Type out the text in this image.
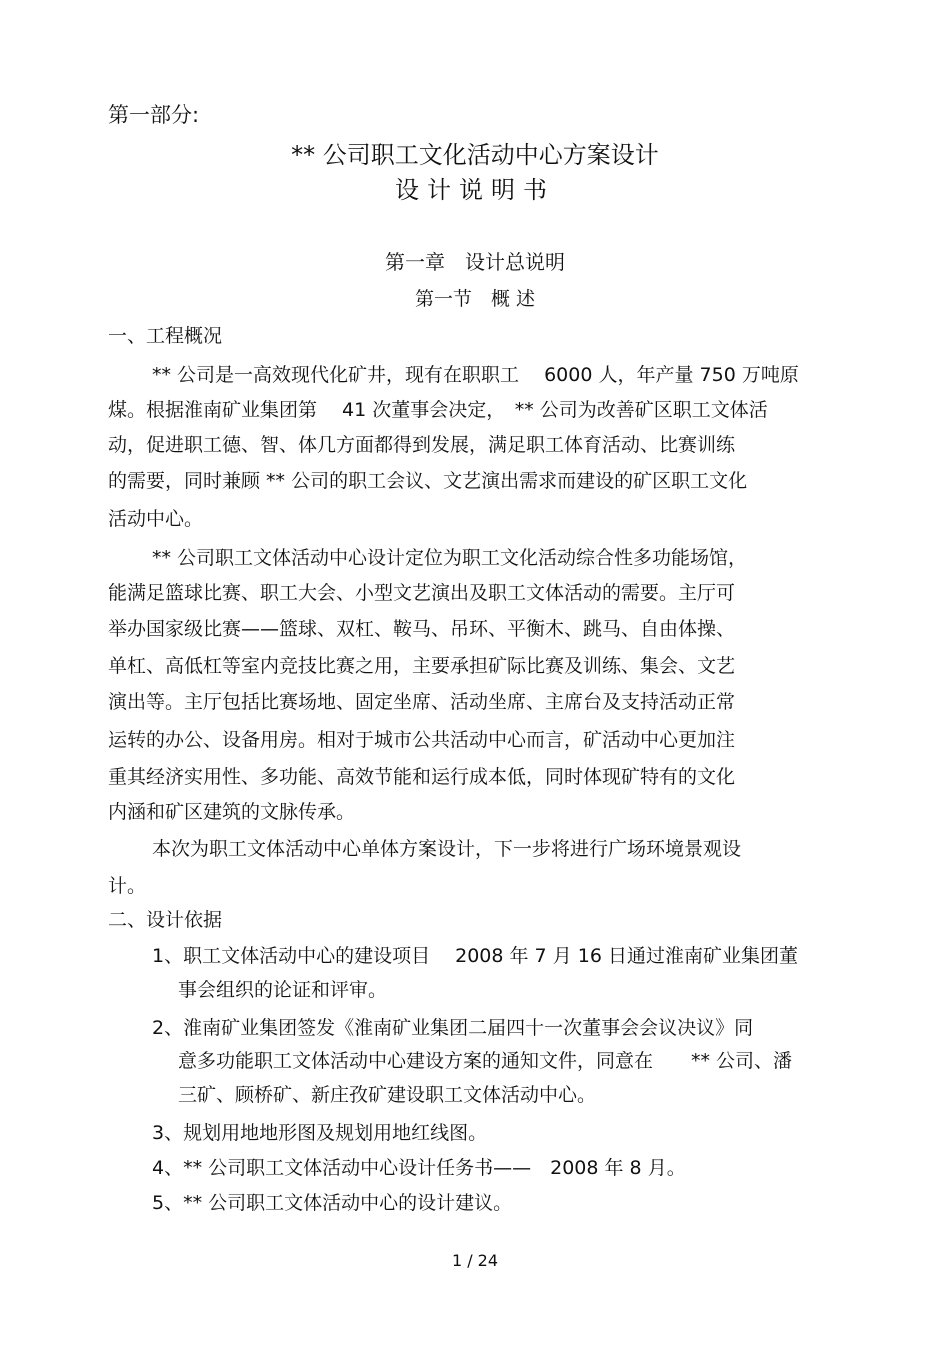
第一部分:

** 公司职工文化活动中心方案设计

设计说明书

第一章　设计总说明

第一节　概 述

一、工程概况

** 公司是一高效现代化矿井，现有在职职工　 6000 人，年产量 750 万吨原

煤。根据淮南矿业集团第　 41 次董事会决定，　** 公司为改善矿区职工文体活

动，促进职工德、智、体几方面都得到发展，满足职工体育活动、比赛训练

的需要，同时兼顾 ** 公司的职工会议、文艺演出需求而建设的矿区职工文化

活动中心。

** 公司职工文体活动中心设计定位为职工文化活动综合性多功能场馆，

能满足篮球比赛、职工大会、小型文艺演出及职工文体活动的需要。主厅可

举办国家级比赛——篮球、双杠、鞍马、吊环、平衡木、跳马、自由体操、

单杠、高低杠等室内竞技比赛之用，主要承担矿际比赛及训练、集会、文艺

演出等。主厅包括比赛场地、固定坐席、活动坐席、主席台及支持活动正常

运转的办公、设备用房。相对于城市公共活动中心而言，矿活动中心更加注

重其经济实用性、多功能、高效节能和运行成本低，同时体现矿特有的文化

内涵和矿区建筑的文脉传承。

本次为职工文体活动中心单体方案设计，下一步将进行广场环境景观设

计。

二、设计依据

1、职工文体活动中心的建设项目　 2008 年 7 月 16 日通过淮南矿业集团董

事会组织的论证和评审。

2、淮南矿业集团签发《淮南矿业集团二届四十一次董事会会议决议》同

意多功能职工文体活动中心建设方案的通知文件，同意在　　** 公司、潘

三矿、顾桥矿、新庄孜矿建设职工文体活动中心。

3、规划用地地形图及规划用地红线图。

4、** 公司职工文体活动中心设计任务书——　2008 年 8 月。

5、** 公司职工文体活动中心的设计建议。

1 / 24
